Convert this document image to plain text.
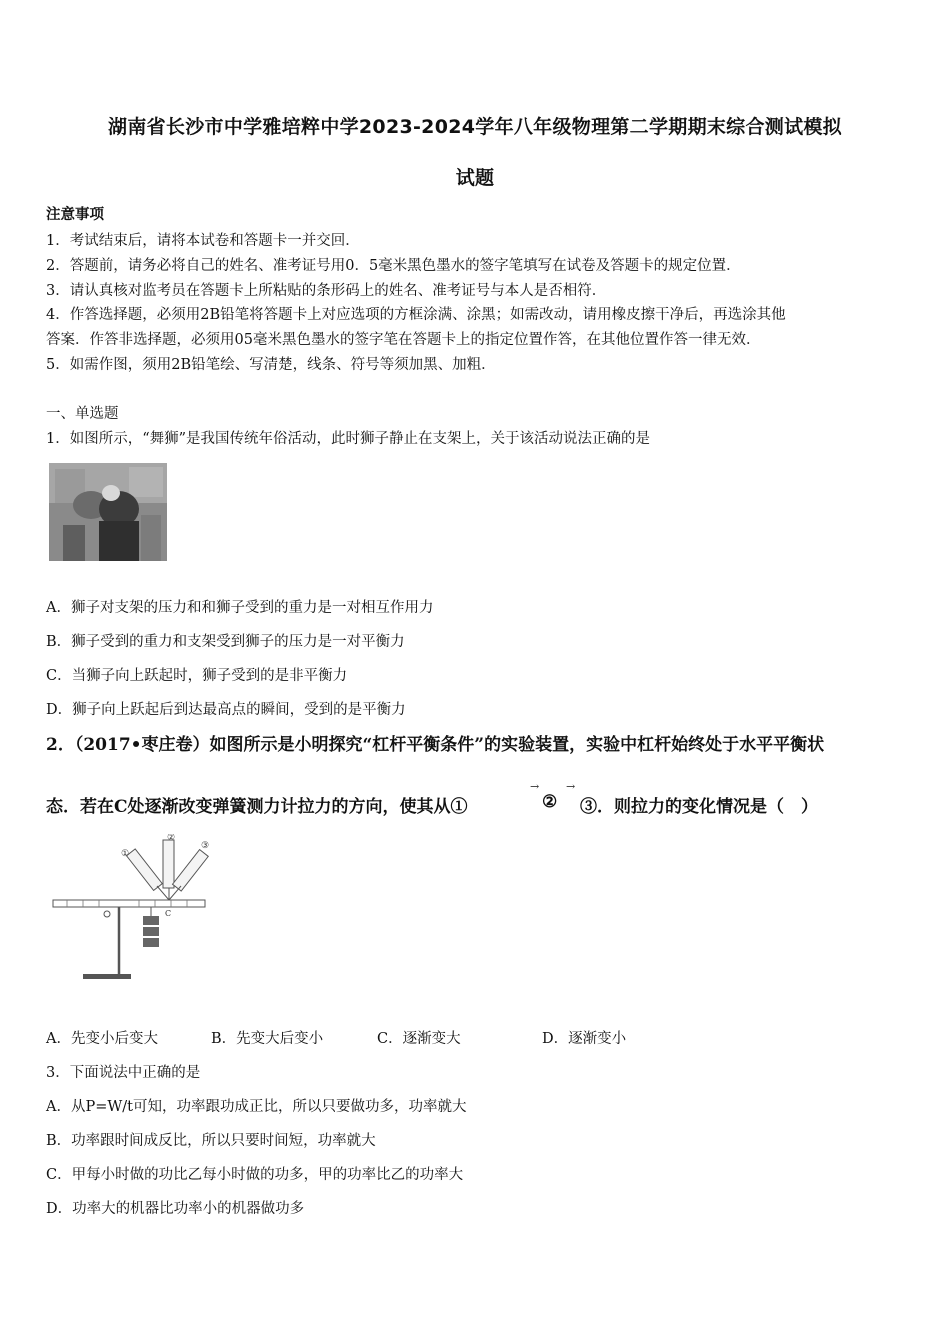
湖南省长沙市中学雅培粹中学2023-2024学年八年级物理第二学期期末综合测试模拟
试题
注意事项
1．考试结束后，请将本试卷和答题卡一并交回．
2．答题前，请务必将自己的姓名、准考证号用0．5毫米黑色墨水的签字笔填写在试卷及答题卡的规定位置．
3．请认真核对监考员在答题卡上所粘贴的条形码上的姓名、准考证号与本人是否相符．
4．作答选择题，必须用2B铅笔将答题卡上对应选项的方框涂满、涂黑；如需改动，请用橡皮擦干净后，再选涂其他
答案．作答非选择题，必须用05毫米黑色墨水的签字笔在答题卡上的指定位置作答，在其他位置作答一律无效．
5．如需作图，须用2B铅笔绘、写清楚，线条、符号等须加黑、加粗．
一、单选题
1．如图所示，“舞狮”是我国传统年俗活动，此时狮子静止在支架上，关于该活动说法正确的是
A．狮子对支架的压力和和狮子受到的重力是一对相互作用力
B．狮子受到的重力和支架受到狮子的压力是一对平衡力
C．当狮子向上跃起时，狮子受到的是非平衡力
D．狮子向上跃起后到达最高点的瞬间，受到的是平衡力
2．（2017•枣庄卷）如图所示是小明探究“杠杆平衡条件”的实验装置，实验中杠杆始终处于水平平衡状
态．若在C处逐渐改变弹簧测力计拉力的方向，使其从①
→
②
→
③．则拉力的变化情况是（　）
①
②
③
C
A．先变小后变大	B．先变大后变小	C．逐渐变大	D．逐渐变小
3．下面说法中正确的是
A．从P=W/t可知，功率跟功成正比，所以只要做功多，功率就大
B．功率跟时间成反比，所以只要时间短，功率就大
C．甲每小时做的功比乙每小时做的功多，甲的功率比乙的功率大
D．功率大的机器比功率小的机器做功多
